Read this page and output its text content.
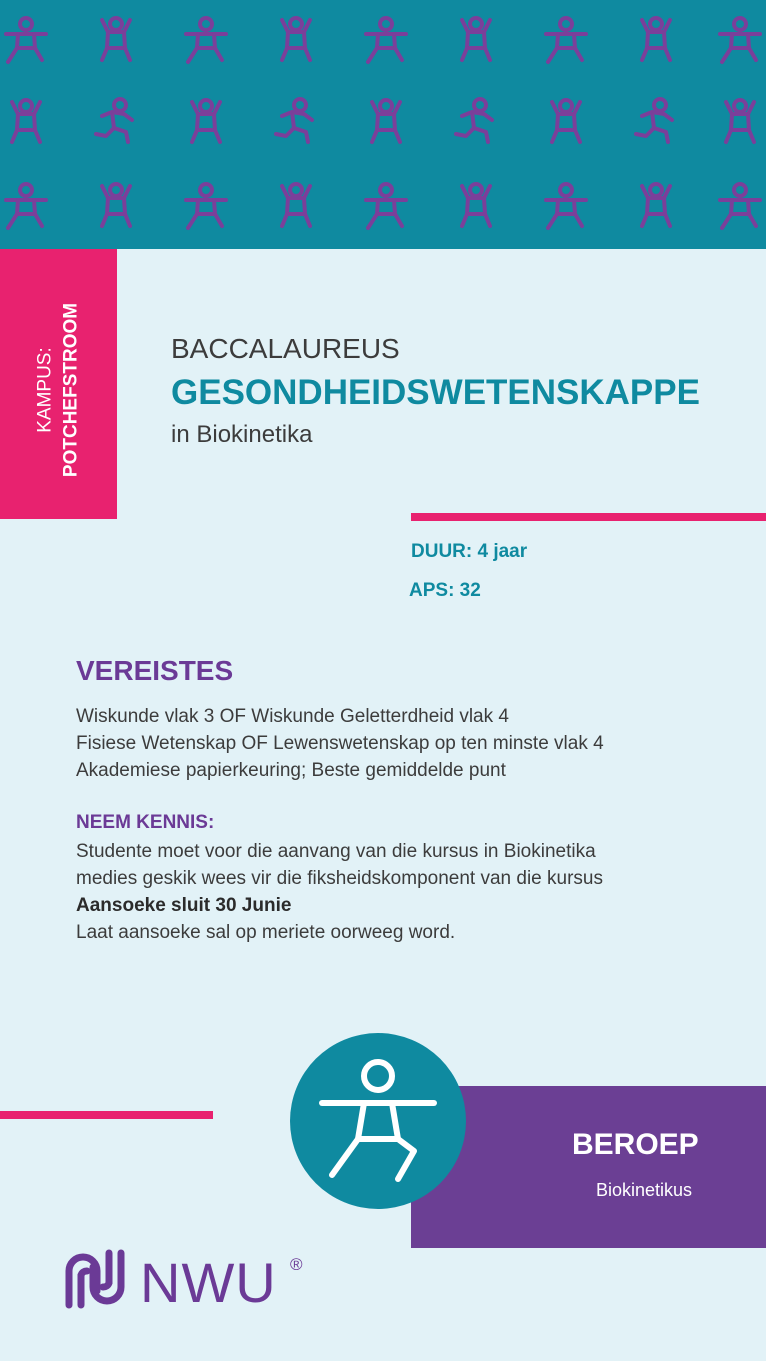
KAMPUS: POTCHEFSTROOM	BACCALAUREUS
GESONDHEIDSWETENSKAPPE
in Biokinetika
DUUR: 4 jaar
APS: 32
VEREISTES
Wiskunde vlak 3 OF Wiskunde Geletterdheid vlak 4
Fisiese Wetenskap OF Lewenswetenskap op ten minste vlak 4
Akademiese papierkeuring; Beste gemiddelde punt
NEEM KENNIS:
Studente moet voor die aanvang van die kursus in Biokinetika
medies geskik wees vir die fiksheidskomponent van die kursus
Aansoeke sluit 30 Junie
Laat aansoeke sal op meriete oorweeg word.
BEROEP
Biokinetikus
NWU ®
